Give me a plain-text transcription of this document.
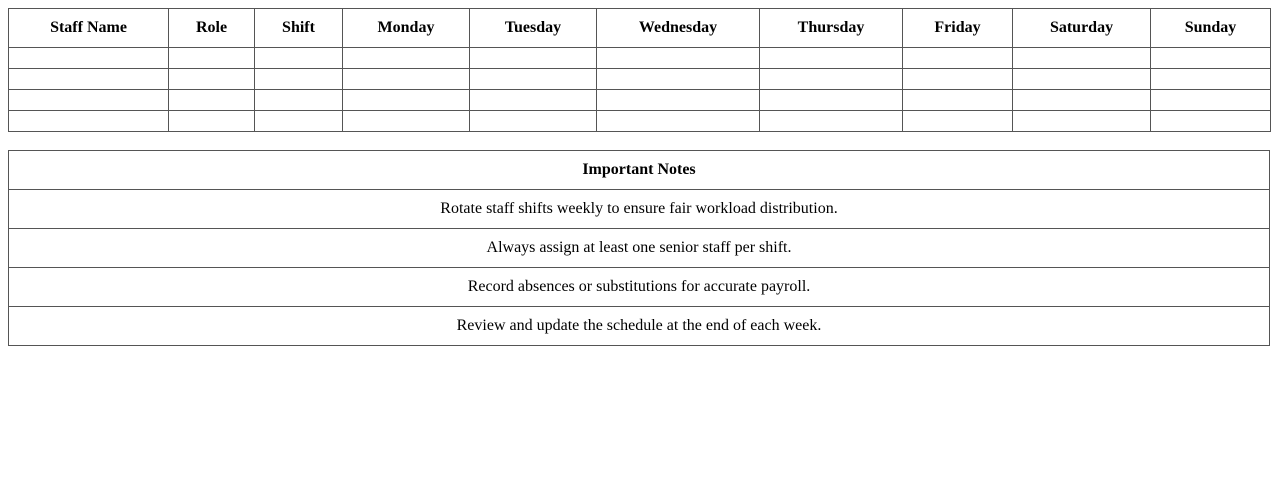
Staff Name	Role	Shift	Monday	Tuesday	Wednesday	Thursday	Friday	Saturday	Sunday

Important Notes
Rotate staff shifts weekly to ensure fair workload distribution.
Always assign at least one senior staff per shift.
Record absences or substitutions for accurate payroll.
Review and update the schedule at the end of each week.
